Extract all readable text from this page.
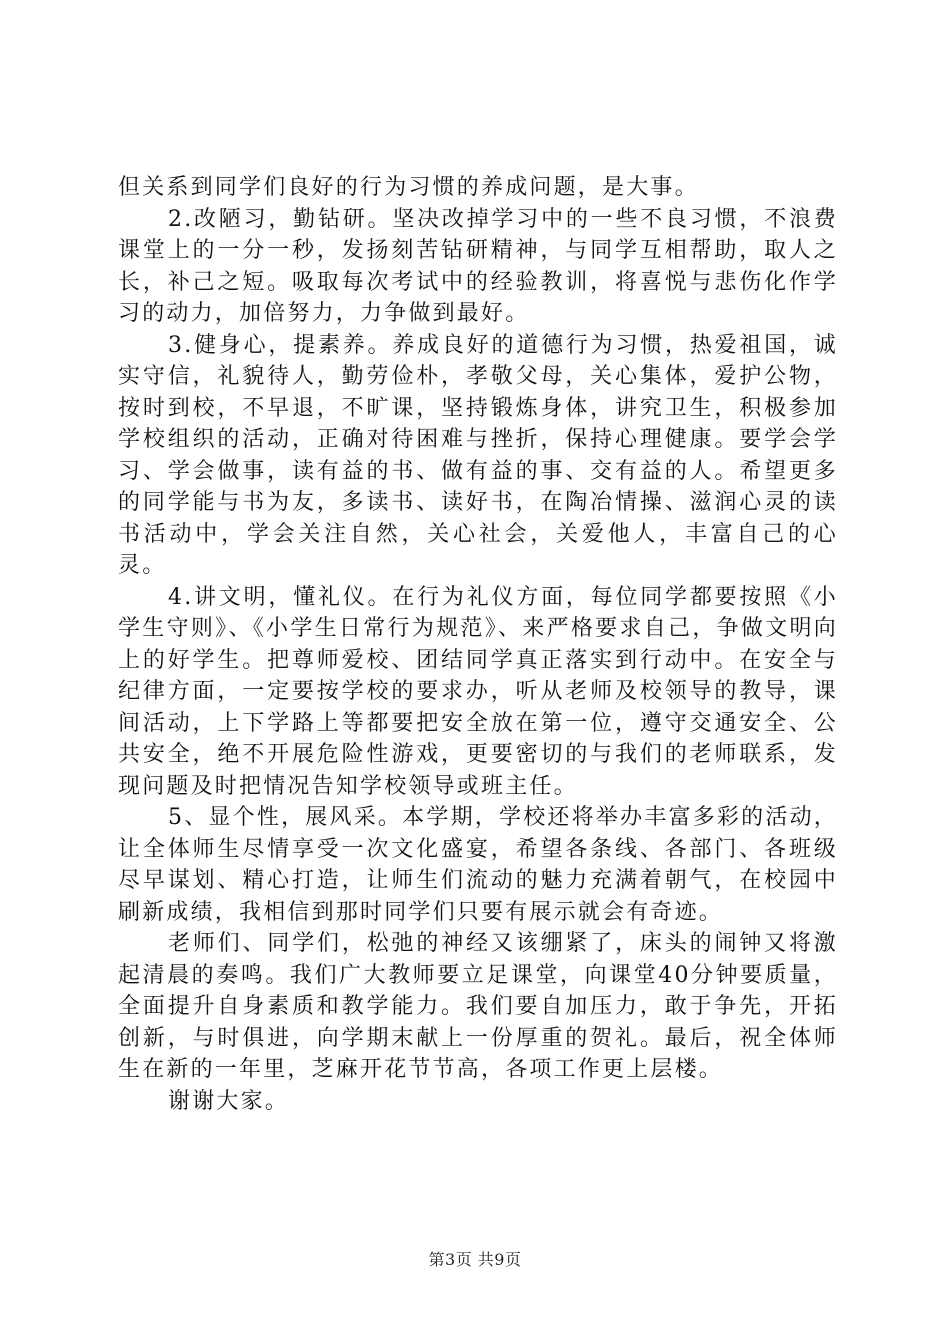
但关系到同学们良好的行为习惯的养成问题，是大事。

2.改陋习，勤钻研。坚决改掉学习中的一些不良习惯，不浪费课堂上的一分一秒，发扬刻苦钻研精神，与同学互相帮助，取人之长，补己之短。吸取每次考试中的经验教训，将喜悦与悲伤化作学习的动力，加倍努力，力争做到最好。

3.健身心，提素养。养成良好的道德行为习惯，热爱祖国，诚实守信，礼貌待人，勤劳俭朴，孝敬父母，关心集体，爱护公物，按时到校，不早退，不旷课，坚持锻炼身体，讲究卫生，积极参加学校组织的活动，正确对待困难与挫折，保持心理健康。要学会学习、学会做事，读有益的书、做有益的事、交有益的人。希望更多的同学能与书为友，多读书、读好书，在陶冶情操、滋润心灵的读书活动中，学会关注自然，关心社会，关爱他人，丰富自己的心灵。

4.讲文明，懂礼仪。在行为礼仪方面，每位同学都要按照《小学生守则》、《小学生日常行为规范》、来严格要求自己，争做文明向上的好学生。把尊师爱校、团结同学真正落实到行动中。在安全与纪律方面，一定要按学校的要求办，听从老师及校领导的教导，课间活动，上下学路上等都要把安全放在第一位，遵守交通安全、公共安全，绝不开展危险性游戏，更要密切的与我们的老师联系，发现问题及时把情况告知学校领导或班主任。

5、显个性，展风采。本学期，学校还将举办丰富多彩的活动，让全体师生尽情享受一次文化盛宴，希望各条线、各部门、各班级尽早谋划、精心打造，让师生们流动的魅力充满着朝气，在校园中刷新成绩，我相信到那时同学们只要有展示就会有奇迹。

老师们、同学们，松弛的神经又该绷紧了，床头的闹钟又将激起清晨的奏鸣。我们广大教师要立足课堂，向课堂40分钟要质量，全面提升自身素质和教学能力。我们要自加压力，敢于争先，开拓创新，与时俱进，向学期末献上一份厚重的贺礼。最后，祝全体师生在新的一年里，芝麻开花节节高，各项工作更上层楼。

谢谢大家。

第3页 共9页
